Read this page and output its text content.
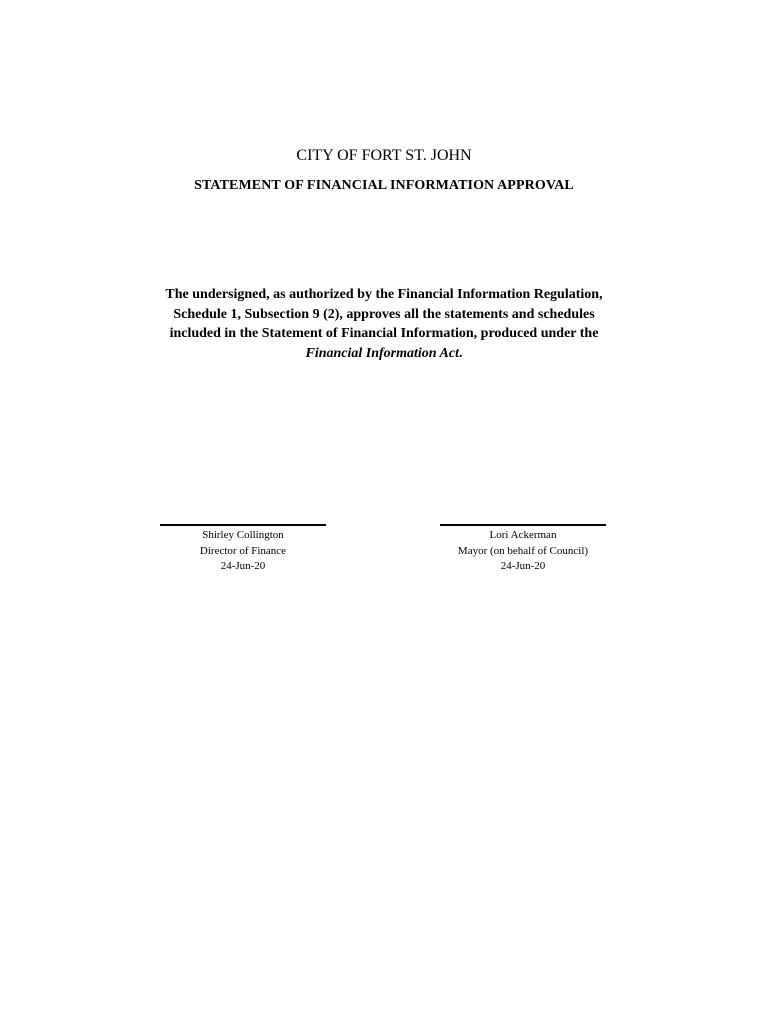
CITY OF FORT ST. JOHN
STATEMENT OF FINANCIAL INFORMATION APPROVAL
The undersigned, as authorized by the Financial Information Regulation, Schedule 1, Subsection 9 (2), approves all the statements and schedules included in the Statement of Financial Information, produced under the Financial Information Act.
Shirley Collington
Director of Finance
24-Jun-20
Lori Ackerman
Mayor (on behalf of Council)
24-Jun-20
